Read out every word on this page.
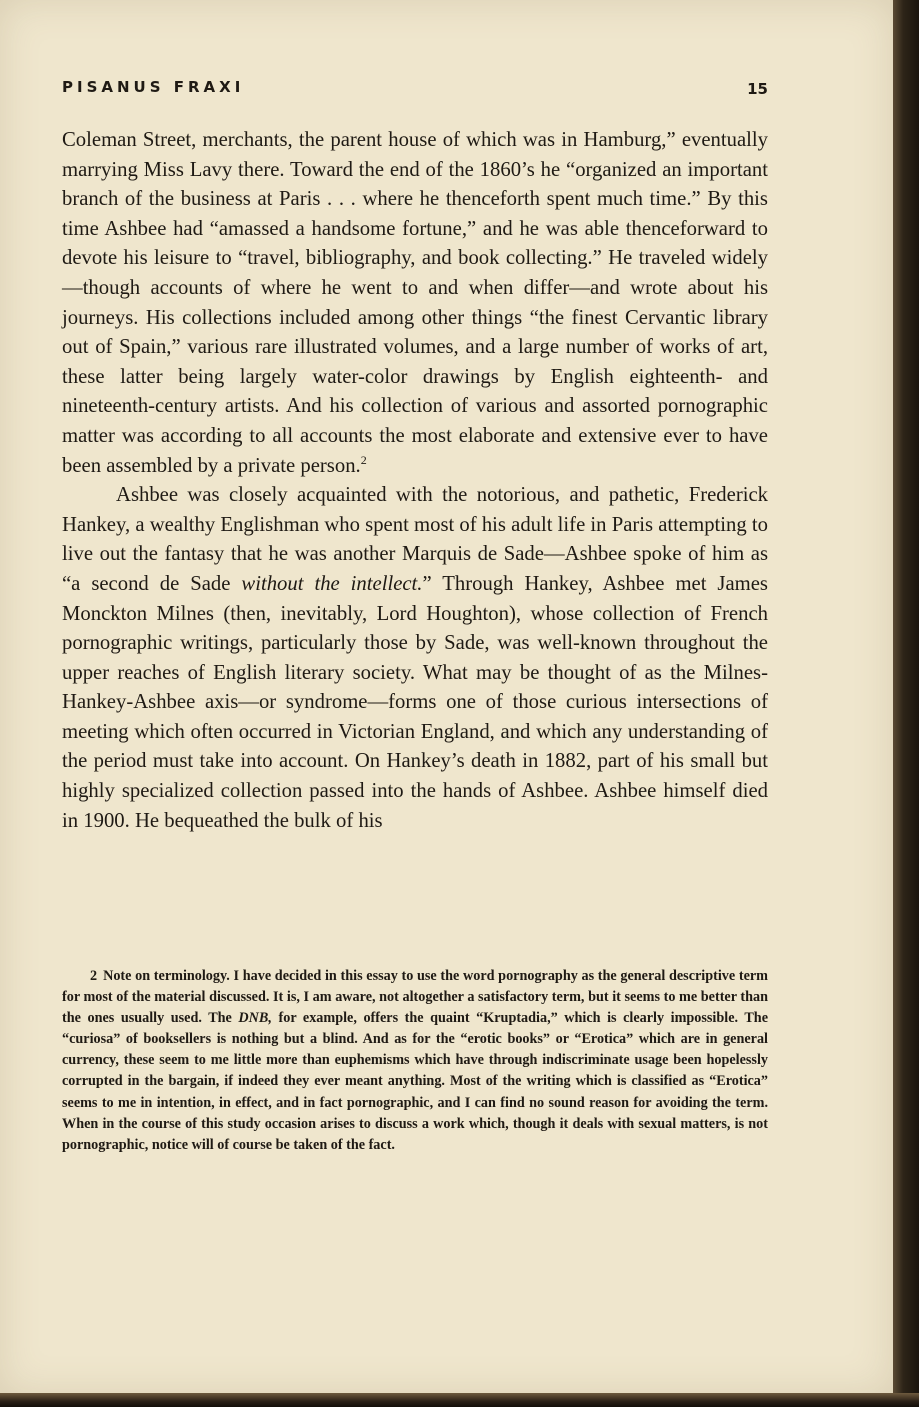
PISANUS FRAXI	15

Coleman Street, merchants, the parent house of which was in Hamburg,” eventually marrying Miss Lavy there. Toward the end of the 1860’s he “organized an important branch of the business at Paris . . . where he thenceforth spent much time.” By this time Ashbee had “amassed a handsome fortune,” and he was able thenceforward to devote his leisure to “travel, bibliography, and book collecting.” He traveled widely—though accounts of where he went to and when differ—and wrote about his journeys. His collections included among other things “the finest Cervantic library out of Spain,” various rare illustrated volumes, and a large number of works of art, these latter being largely water-color drawings by English eighteenth- and nineteenth-century artists. And his collection of various and assorted pornographic matter was according to all accounts the most elaborate and extensive ever to have been assembled by a private person.$^2$

Ashbee was closely acquainted with the notorious, and pathetic, Frederick Hankey, a wealthy Englishman who spent most of his adult life in Paris attempting to live out the fantasy that he was another Marquis de Sade—Ashbee spoke of him as “a second de Sade without the intellect.” Through Hankey, Ashbee met James Monckton Milnes (then, inevitably, Lord Houghton), whose collection of French pornographic writings, particularly those by Sade, was well-known throughout the upper reaches of English literary society. What may be thought of as the Milnes-Hankey-Ashbee axis—or syndrome—forms one of those curious intersections of meeting which often occurred in Victorian England, and which any understanding of the period must take into account. On Hankey’s death in 1882, part of his small but highly specialized collection passed into the hands of Ashbee. Ashbee himself died in 1900. He bequeathed the bulk of his

2 Note on terminology. I have decided in this essay to use the word pornography as the general descriptive term for most of the material discussed. It is, I am aware, not altogether a satisfactory term, but it seems to me better than the ones usually used. The DNB, for example, offers the quaint “Kruptadia,” which is clearly impossible. The “curiosa” of booksellers is nothing but a blind. And as for the “erotic books” or “Erotica” which are in general currency, these seem to me little more than euphemisms which have through indiscriminate usage been hopelessly corrupted in the bargain, if indeed they ever meant anything. Most of the writing which is classified as “Erotica” seems to me in intention, in effect, and in fact pornographic, and I can find no sound reason for avoiding the term. When in the course of this study occasion arises to discuss a work which, though it deals with sexual matters, is not pornographic, notice will of course be taken of the fact.
